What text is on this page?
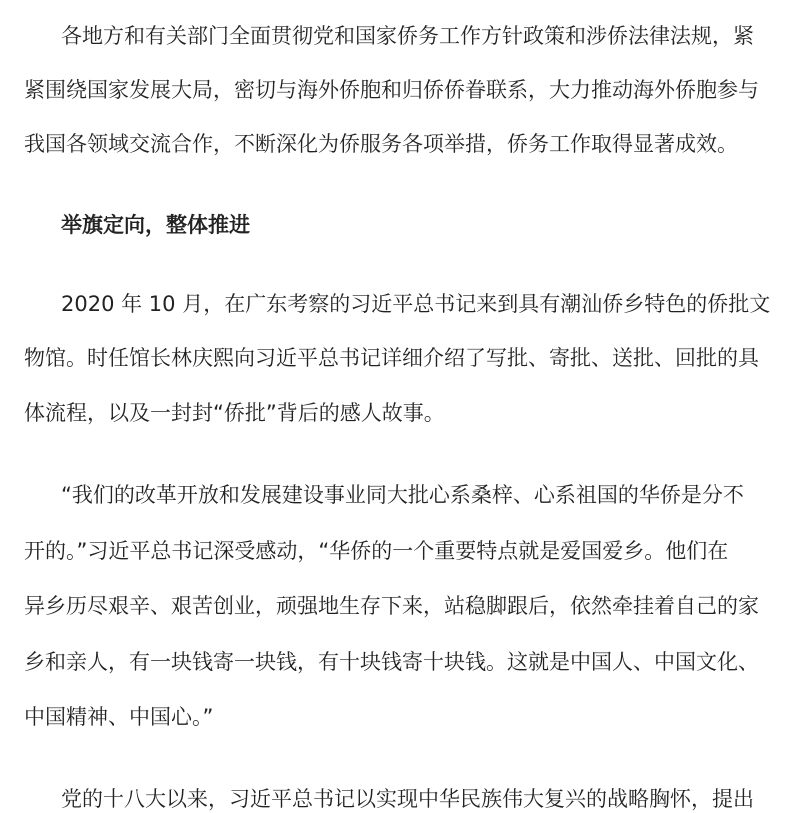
各地方和有关部门全面贯彻党和国家侨务工作方针政策和涉侨法律法规，紧

紧围绕国家发展大局，密切与海外侨胞和归侨侨眷联系，大力推动海外侨胞参与

我国各领域交流合作，不断深化为侨服务各项举措，侨务工作取得显著成效。

举旗定向，整体推进

2020 年 10 月，在广东考察的习近平总书记来到具有潮汕侨乡特色的侨批文

物馆。时任馆长林庆熙向习近平总书记详细介绍了写批、寄批、送批、回批的具

体流程，以及一封封“侨批”背后的感人故事。

“我们的改革开放和发展建设事业同大批心系桑梓、心系祖国的华侨是分不

开的。”习近平总书记深受感动，“华侨的一个重要特点就是爱国爱乡。他们在

异乡历尽艰辛、艰苦创业，顽强地生存下来，站稳脚跟后，依然牵挂着自己的家

乡和亲人，有一块钱寄一块钱，有十块钱寄十块钱。这就是中国人、中国文化、

中国精神、中国心。”

党的十八大以来，习近平总书记以实现中华民族伟大复兴的战略胸怀，提出
